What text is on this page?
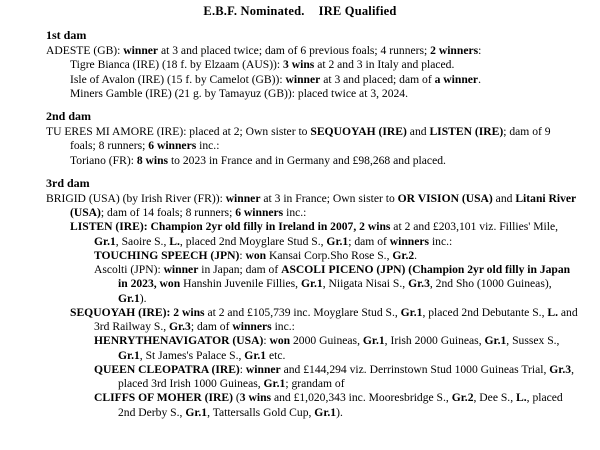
E.B.F. Nominated. IRE Qualified
1st dam
ADESTE (GB): winner at 3 and placed twice; dam of 6 previous foals; 4 runners; 2 winners:
Tigre Bianca (IRE) (18 f. by Elzaam (AUS)): 3 wins at 2 and 3 in Italy and placed.
Isle of Avalon (IRE) (15 f. by Camelot (GB)): winner at 3 and placed; dam of a winner.
Miners Gamble (IRE) (21 g. by Tamayuz (GB)): placed twice at 3, 2024.
2nd dam
TU ERES MI AMORE (IRE): placed at 2; Own sister to SEQUOYAH (IRE) and LISTEN (IRE); dam of 9 foals; 8 runners; 6 winners inc.:
Toriano (FR): 8 wins to 2023 in France and in Germany and £98,268 and placed.
3rd dam
BRIGID (USA) (by Irish River (FR)): winner at 3 in France; Own sister to OR VISION (USA) and Litani River (USA); dam of 14 foals; 8 runners; 6 winners inc.:
LISTEN (IRE): Champion 2yr old filly in Ireland in 2007, 2 wins at 2 and £203,101 viz. Fillies' Mile, Gr.1, Saoire S., L., placed 2nd Moyglare Stud S., Gr.1; dam of winners inc.:
TOUCHING SPEECH (JPN): won Kansai Corp.Sho Rose S., Gr.2.
Ascolti (JPN): winner in Japan; dam of ASCOLI PICENO (JPN) (Champion 2yr old filly in Japan in 2023, won Hanshin Juvenile Fillies, Gr.1, Niigata Nisai S., Gr.3, 2nd Sho (1000 Guineas), Gr.1).
SEQUOYAH (IRE): 2 wins at 2 and £105,739 inc. Moyglare Stud S., Gr.1, placed 2nd Debutante S., L. and 3rd Railway S., Gr.3; dam of winners inc.:
HENRYTHENAVIGATOR (USA): won 2000 Guineas, Gr.1, Irish 2000 Guineas, Gr.1, Sussex S., Gr.1, St James's Palace S., Gr.1 etc.
QUEEN CLEOPATRA (IRE): winner and £144,294 viz. Derrinstown Stud 1000 Guineas Trial, Gr.3, placed 3rd Irish 1000 Guineas, Gr.1; grandam of
CLIFFS OF MOHER (IRE) (3 wins and £1,020,343 inc. Mooresbridge S., Gr.2, Dee S., L., placed 2nd Derby S., Gr.1, Tattersalls Gold Cup, Gr.1).
